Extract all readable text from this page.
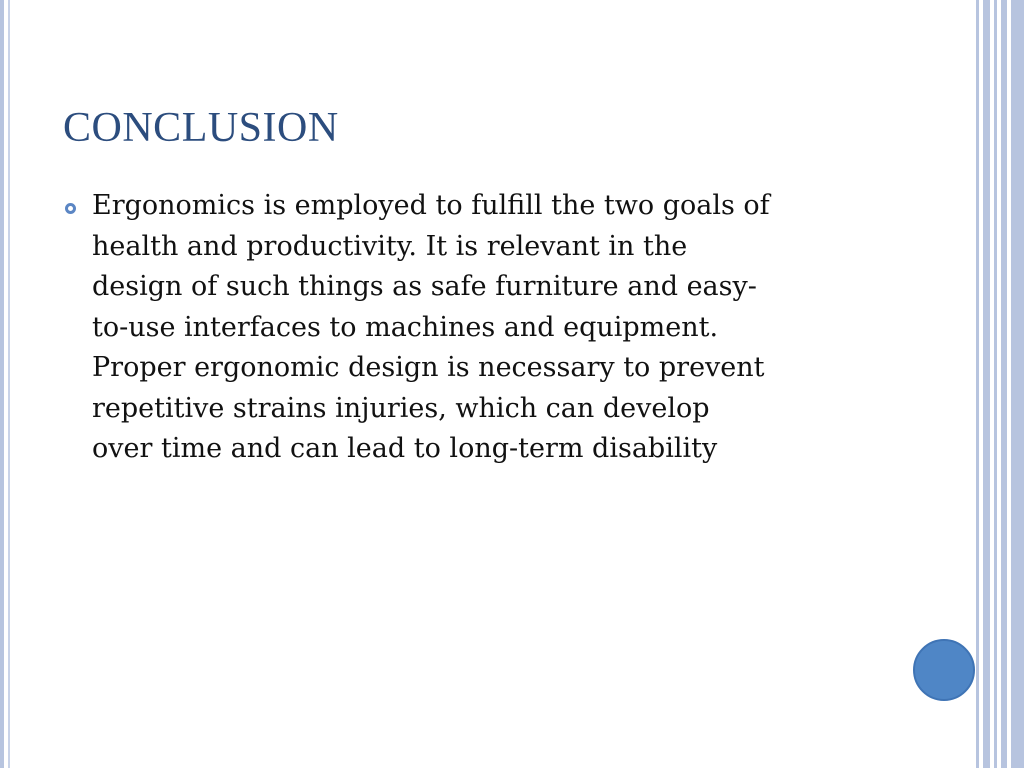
CONCLUSION

Ergonomics is employed to fulfill the two goals of
health and productivity. It is relevant in the
design of such things as safe furniture and easy-
to-use interfaces to machines and equipment.
Proper ergonomic design is necessary to prevent
repetitive strains injuries, which can develop
over time and can lead to long-term disability
